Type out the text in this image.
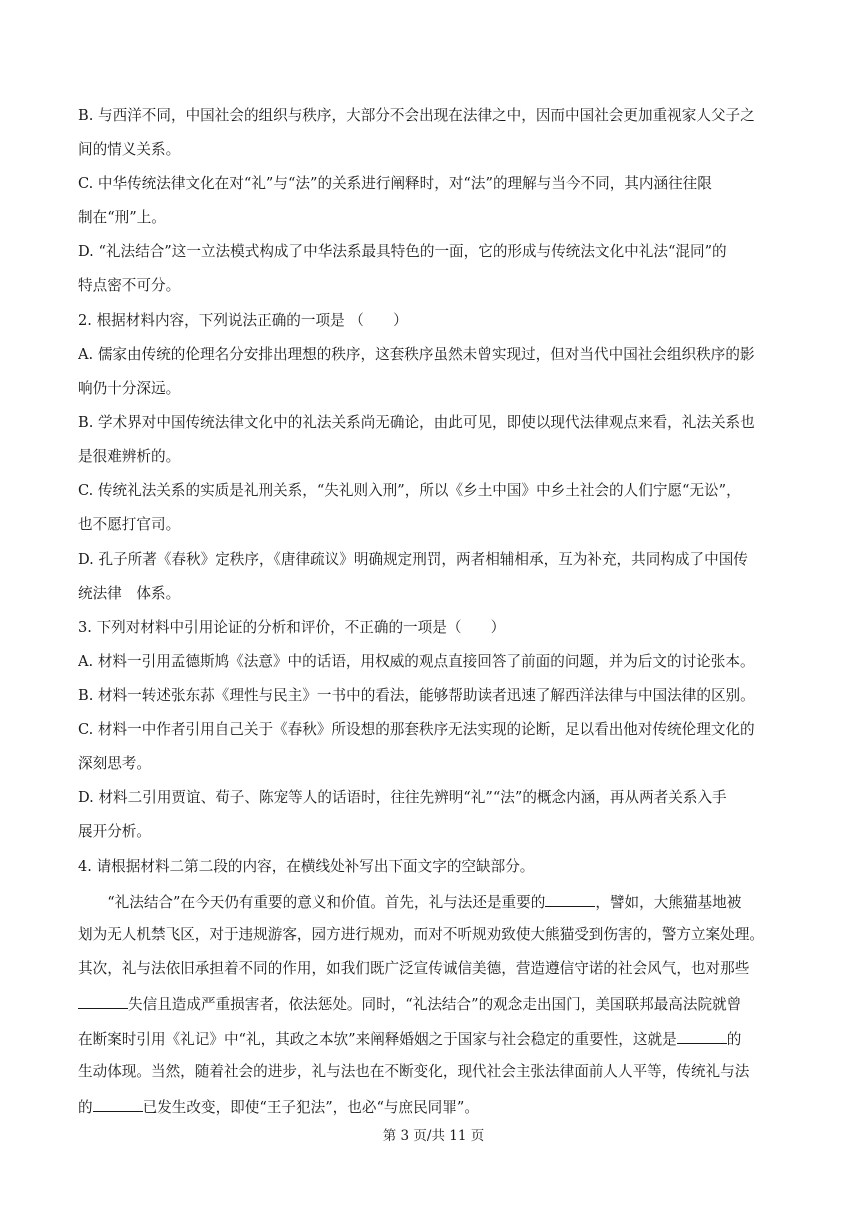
B. 与西洋不同，中国社会的组织与秩序，大部分不会出现在法律之中，因而中国社会更加重视家人父子之
间的情义关系。
C. 中华传统法律文化在对“礼”与“法”的关系进行阐释时，对“法”的理解与当今不同，其内涵往往限
制在“刑”上。
D. “礼法结合”这一立法模式构成了中华法系最具特色的一面，它的形成与传统法文化中礼法“混同”的
特点密不可分。
2. 根据材料内容，下列说法正确的一项是 （　　）
A. 儒家由传统的伦理名分安排出理想的秩序，这套秩序虽然未曾实现过，但对当代中国社会组织秩序的影
响仍十分深远。
B. 学术界对中国传统法律文化中的礼法关系尚无确论，由此可见，即使以现代法律观点来看，礼法关系也
是很难辨析的。
C. 传统礼法关系的实质是礼刑关系，“失礼则入刑”，所以《乡土中国》中乡土社会的人们宁愿“无讼”，
也不愿打官司。
D. 孔子所著《春秋》定秩序，《唐律疏议》明确规定刑罚，两者相辅相承，互为补充，共同构成了中国传
统法律　体系。
3. 下列对材料中引用论证的分析和评价，不正确的一项是（　　）
A. 材料一引用孟德斯鸠《法意》中的话语，用权威的观点直接回答了前面的问题，并为后文的讨论张本。
B. 材料一转述张东荪《理性与民主》一书中的看法，能够帮助读者迅速了解西洋法律与中国法律的区别。
C. 材料一中作者引用自己关于《春秋》所设想的那套秩序无法实现的论断，足以看出他对传统伦理文化的
深刻思考。
D. 材料二引用贾谊、荀子、陈宠等人的话语时，往往先辨明“礼”“法”的概念内涵，再从两者关系入手
展开分析。
4. 请根据材料二第二段的内容，在横线处补写出下面文字的空缺部分。
　　“礼法结合”在今天仍有重要的意义和价值。首先，礼与法还是重要的	，譬如，大熊猫基地被
划为无人机禁飞区，对于违规游客，园方进行规劝，而对不听规劝致使大熊猫受到伤害的，警方立案处理。
其次，礼与法依旧承担着不同的作用，如我们既广泛宣传诚信美德，营造遵信守诺的社会风气，也对那些
失信且造成严重损害者，依法惩处。同时，“礼法结合”的观念走出国门，美国联邦最高法院就曾
在断案时引用《礼记》中“礼，其政之本欤”来阐释婚姻之于国家与社会稳定的重要性，这就是	的
生动体现。当然，随着社会的进步，礼与法也在不断变化，现代社会主张法律面前人人平等，传统礼与法
的	已发生改变，即使“王子犯法”，也必“与庶民同罪”。
第 3 页/共 11 页
